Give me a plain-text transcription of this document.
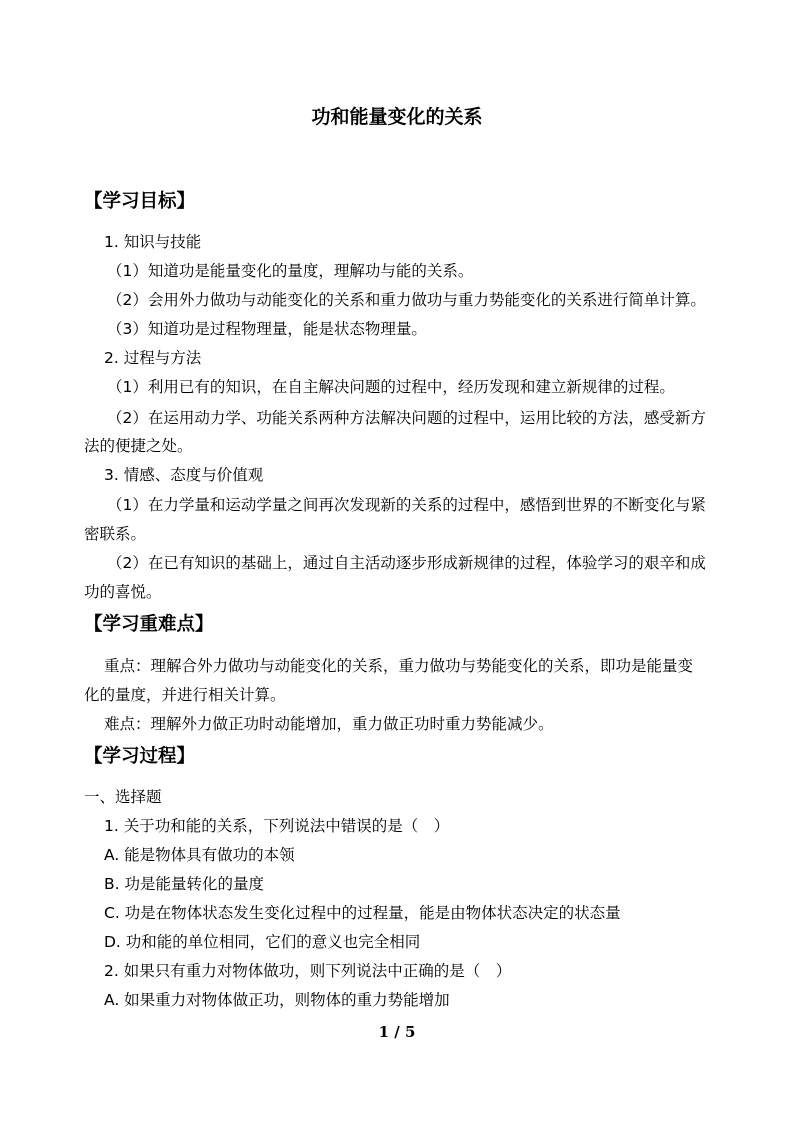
功和能量变化的关系
【学习目标】
1. 知识与技能
（1）知道功是能量变化的量度，理解功与能的关系。
（2）会用外力做功与动能变化的关系和重力做功与重力势能变化的关系进行简单计算。
（3）知道功是过程物理量，能是状态物理量。
2. 过程与方法
（1）利用已有的知识，在自主解决问题的过程中，经历发现和建立新规律的过程。
（2）在运用动力学、功能关系两种方法解决问题的过程中，运用比较的方法，感受新方
法的便捷之处。
3. 情感、态度与价值观
（1）在力学量和运动学量之间再次发现新的关系的过程中，感悟到世界的不断变化与紧
密联系。
（2）在已有知识的基础上，通过自主活动逐步形成新规律的过程，体验学习的艰辛和成
功的喜悦。
【学习重难点】
重点：理解合外力做功与动能变化的关系，重力做功与势能变化的关系，即功是能量变
化的量度，并进行相关计算。
难点：理解外力做正功时动能增加，重力做正功时重力势能减少。
【学习过程】
一、选择题
1. 关于功和能的关系，下列说法中错误的是（　）
A. 能是物体具有做功的本领
B. 功是能量转化的量度
C. 功是在物体状态发生变化过程中的过程量，能是由物体状态决定的状态量
D. 功和能的单位相同，它们的意义也完全相同
2. 如果只有重力对物体做功，则下列说法中正确的是（　）
A. 如果重力对物体做正功，则物体的重力势能增加
1 / 5
